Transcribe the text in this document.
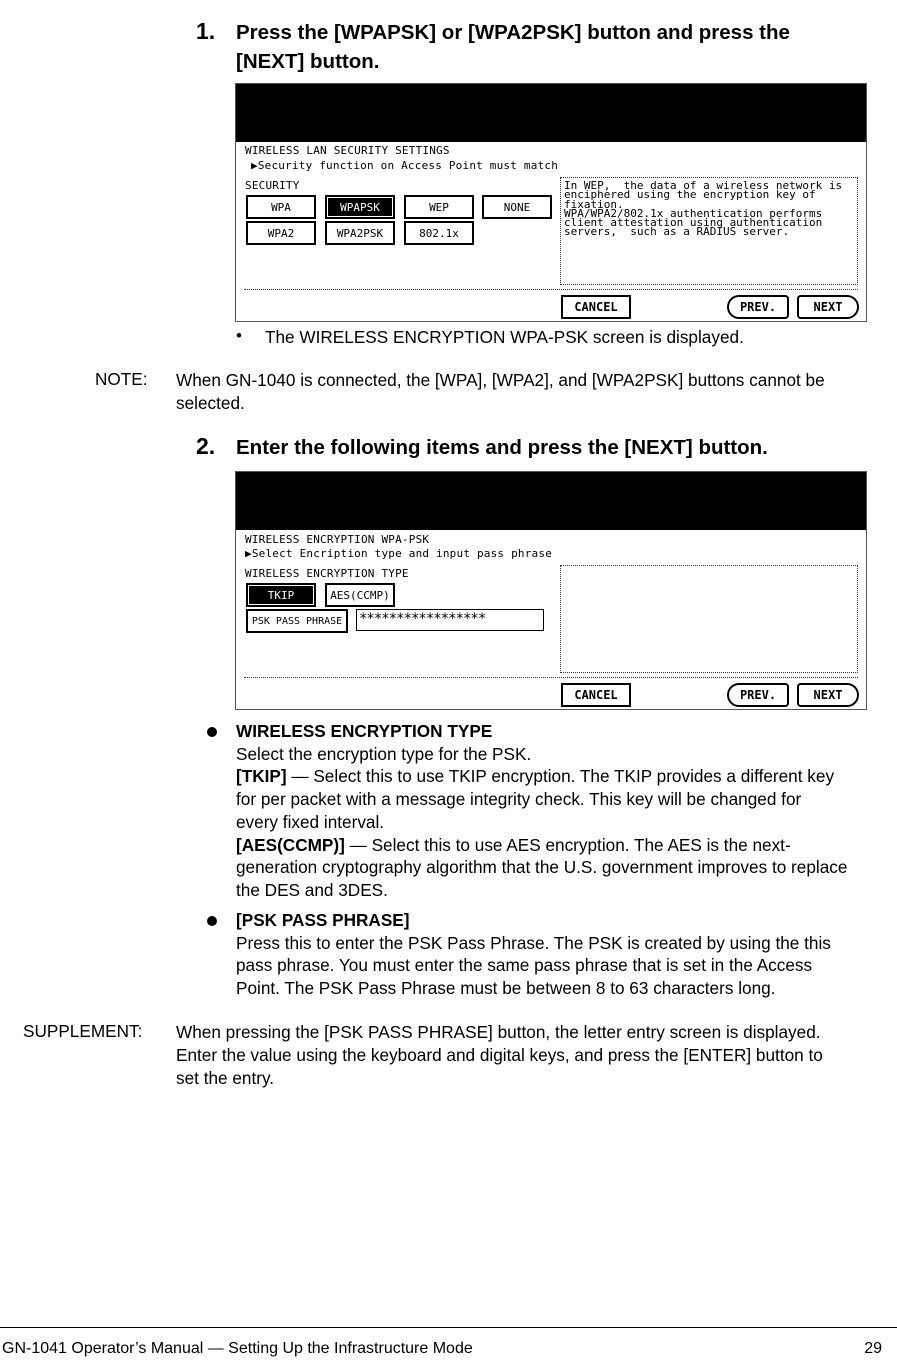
1. Press the [WPAPSK] or [WPA2PSK] button and press the
[NEXT] button.
WIRELESS LAN SECURITY SETTINGS
▶Security function on Access Point must match
SECURITY
WPA	WPAPSK	WEP	NONE
WPA2	WPA2PSK	802.1x
In WEP,  the data of a wireless network is
enciphered using the encryption key of
fixation.
WPA/WPA2/802.1x authentication performs
client attestation using authentication
servers,  such as a RADIUS server.
CANCEL	PREV.	NEXT
• The WIRELESS ENCRYPTION WPA-PSK screen is displayed.
NOTE: When GN-1040 is connected, the [WPA], [WPA2], and [WPA2PSK] buttons cannot be
selected.
2. Enter the following items and press the [NEXT] button.
WIRELESS ENCRYPTION WPA-PSK
▶Select Encription type and input pass phrase
WIRELESS ENCRYPTION TYPE
TKIP	AES(CCMP)
PSK PASS PHRASE	*****************
CANCEL	PREV.	NEXT
WIRELESS ENCRYPTION TYPE
Select the encryption type for the PSK.
[TKIP] — Select this to use TKIP encryption. The TKIP provides a different key
for per packet with a message integrity check. This key will be changed for
every fixed interval.
[AES(CCMP)] — Select this to use AES encryption. The AES is the next-
generation cryptography algorithm that the U.S. government improves to replace
the DES and 3DES.
[PSK PASS PHRASE]
Press this to enter the PSK Pass Phrase. The PSK is created by using the this
pass phrase. You must enter the same pass phrase that is set in the Access
Point. The PSK Pass Phrase must be between 8 to 63 characters long.
SUPPLEMENT: When pressing the [PSK PASS PHRASE] button, the letter entry screen is displayed.
Enter the value using the keyboard and digital keys, and press the [ENTER] button to
set the entry.
GN-1041 Operator’s Manual — Setting Up the Infrastructure Mode	29
